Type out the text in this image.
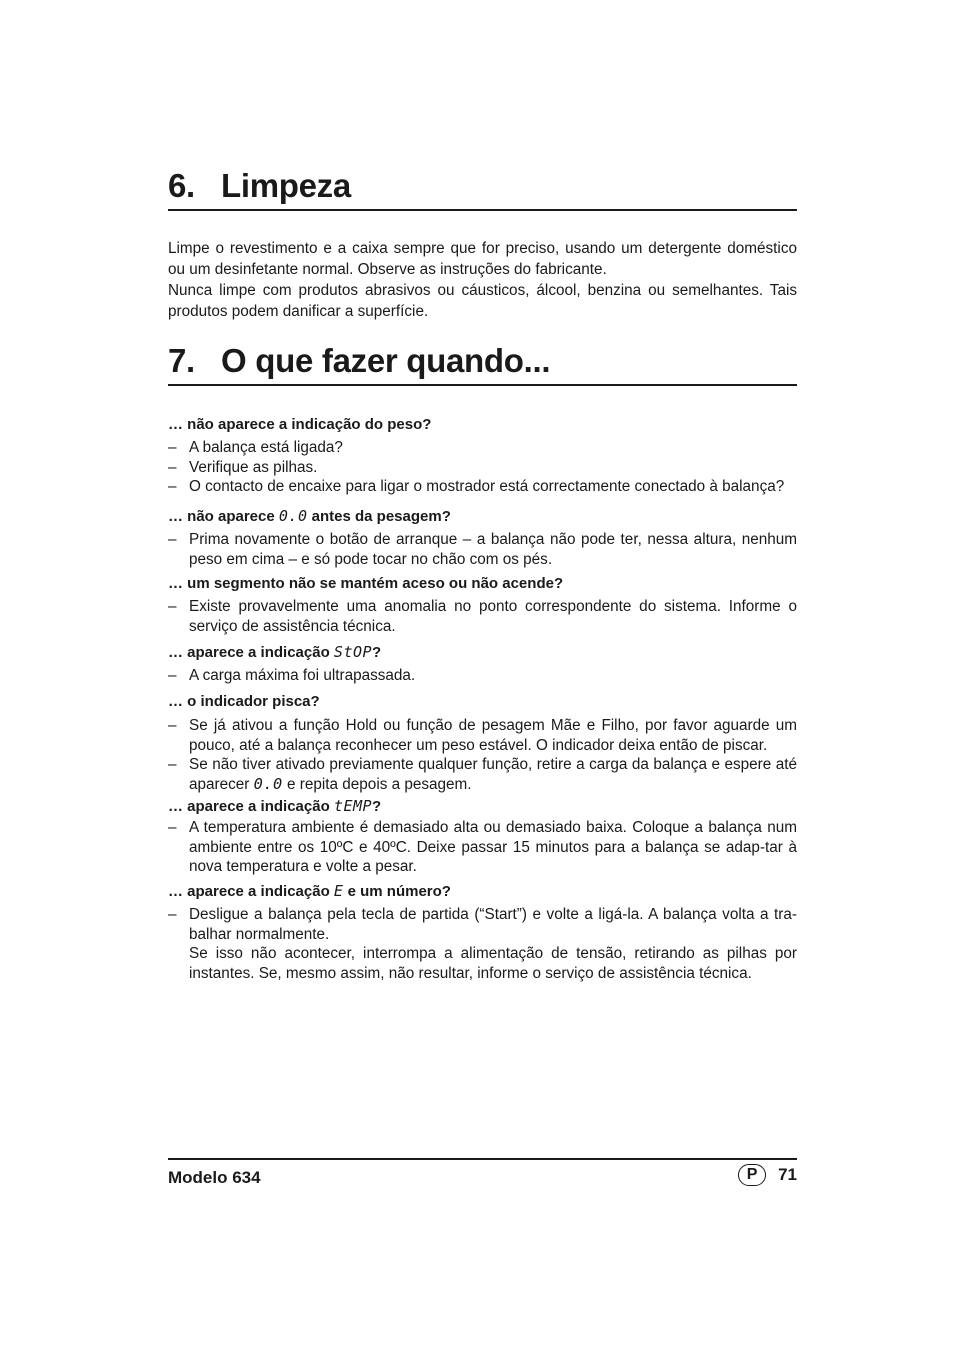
6. Limpeza

Limpe o revestimento e a caixa sempre que for preciso, usando um detergente doméstico ou um desinfetante normal. Observe as instruções do fabricante.

Nunca limpe com produtos abrasivos ou cáusticos, álcool, benzina ou semelhantes. Tais produtos podem danificar a superfície.

7. O que fazer quando...

… não aparece a indicação do peso?

– A balança está ligada?
– Verifique as pilhas.
– O contacto de encaixe para ligar o mostrador está correctamente conectado à balança?

… não aparece 0.0 antes da pesagem?

– Prima novamente o botão de arranque – a balança não pode ter, nessa altura, nenhum peso em cima – e só pode tocar no chão com os pés.

… um segmento não se mantém aceso ou não acende?

– Existe provavelmente uma anomalia no ponto correspondente do sistema. Informe o serviço de assistência técnica.

… aparece a indicação StOP?

– A carga máxima foi ultrapassada.

… o indicador pisca?

– Se já ativou a função Hold ou função de pesagem Mãe e Filho, por favor aguarde um pouco, até a balança reconhecer um peso estável. O indicador deixa então de piscar.
– Se não tiver ativado previamente qualquer função, retire a carga da balança e espere até aparecer 0.0 e repita depois a pesagem.

… aparece a indicação tEMP?

– A temperatura ambiente é demasiado alta ou demasiado baixa. Coloque a balança num ambiente entre os 10ºC e 40ºC. Deixe passar 15 minutos para a balança se adap-tar à nova temperatura e volte a pesar.

… aparece a indicação E e um número?

– Desligue a balança pela tecla de partida (“Start”) e volte a ligá-la. A balança volta a tra-balhar normalmente.
Se isso não acontecer, interrompa a alimentação de tensão, retirando as pilhas por instantes. Se, mesmo assim, não resultar, informe o serviço de assistência técnica.
Modelo 634	P	71
